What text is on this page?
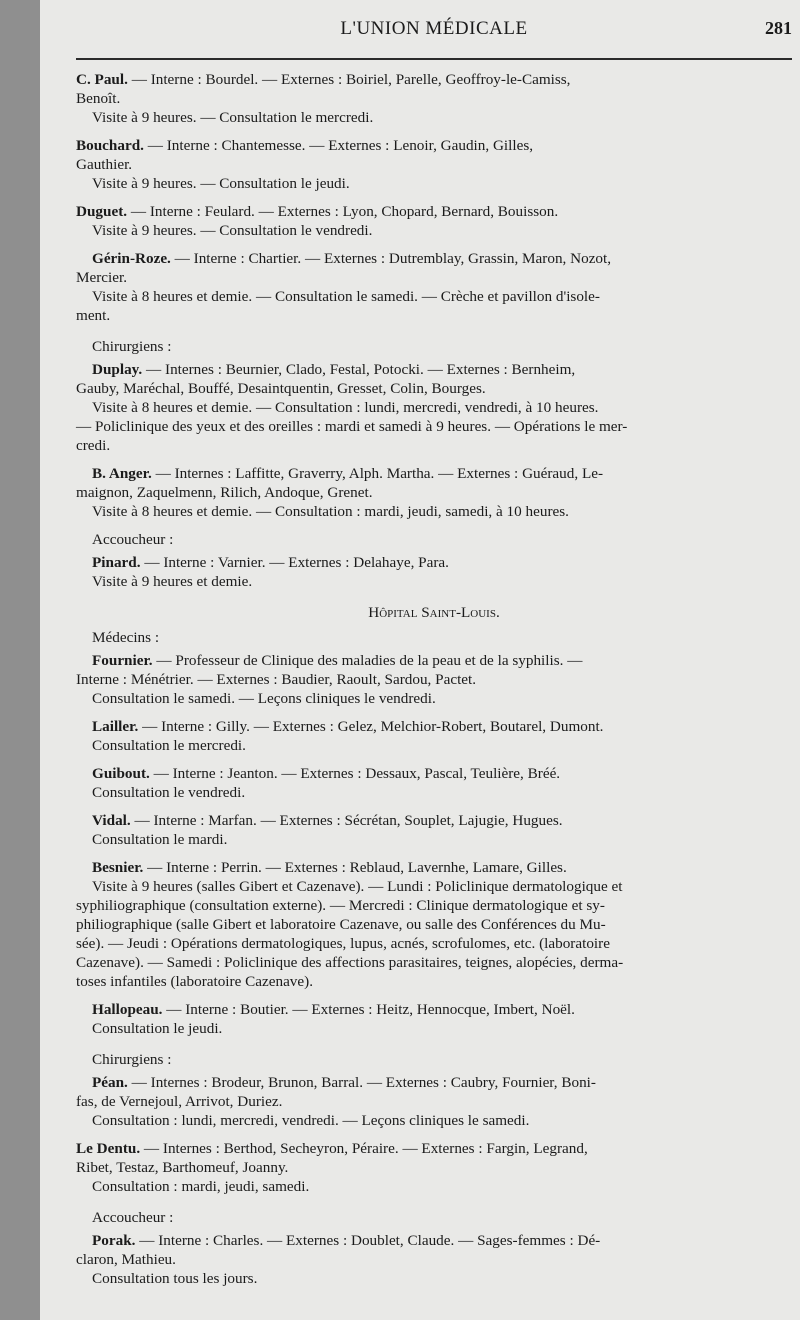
L'UNION MÉDICALE	281
C. Paul. — Interne : Bourdel. — Externes : Boiriel, Parelle, Geoffroy-le-Camiss,
Benoît.
Visite à 9 heures. — Consultation le mercredi.
Bouchard. — Interne : Chantemesse. — Externes : Lenoir, Gaudin, Gilles,
Gauthier.
Visite à 9 heures. — Consultation le jeudi.
Duguet. — Interne : Feulard. — Externes : Lyon, Chopard, Bernard, Bouisson.
Visite à 9 heures. — Consultation le vendredi.
Gérin-Roze. — Interne : Chartier. — Externes : Dutremblay, Grassin, Maron, Nozot,
Mercier.
Visite à 8 heures et demie. — Consultation le samedi. — Crèche et pavillon d'isole-
ment.
Chirurgiens :
Duplay. — Internes : Beurnier, Clado, Festal, Potocki. — Externes : Bernheim,
Gauby, Maréchal, Bouffé, Desaintquentin, Gresset, Colin, Bourges.
Visite à 8 heures et demie. — Consultation : lundi, mercredi, vendredi, à 10 heures.
— Policlinique des yeux et des oreilles : mardi et samedi à 9 heures. — Opérations le mer-
credi.
B. Anger. — Internes : Laffitte, Graverry, Alph. Martha. — Externes : Guéraud, Le-
maignon, Zaquelmenn, Rilich, Andoque, Grenet.
Visite à 8 heures et demie. — Consultation : mardi, jeudi, samedi, à 10 heures.
Accoucheur :
Pinard. — Interne : Varnier. — Externes : Delahaye, Para.
Visite à 9 heures et demie.
Hôpital Saint-Louis.
Médecins :
Fournier. — Professeur de Clinique des maladies de la peau et de la syphilis. —
Interne : Ménétrier. — Externes : Baudier, Raoult, Sardou, Pactet.
Consultation le samedi. — Leçons cliniques le vendredi.
Lailler. — Interne : Gilly. — Externes : Gelez, Melchior-Robert, Boutarel, Dumont.
Consultation le mercredi.
Guibout. — Interne : Jeanton. — Externes : Dessaux, Pascal, Teulière, Bréé.
Consultation le vendredi.
Vidal. — Interne : Marfan. — Externes : Sécrétan, Souplet, Lajugie, Hugues.
Consultation le mardi.
Besnier. — Interne : Perrin. — Externes : Reblaud, Lavernhe, Lamare, Gilles.
Visite à 9 heures (salles Gibert et Cazenave). — Lundi : Policlinique dermatologique et
syphiliographique (consultation externe). — Mercredi : Clinique dermatologique et sy-
philiographique (salle Gibert et laboratoire Cazenave, ou salle des Conférences du Mu-
sée). — Jeudi : Opérations dermatologiques, lupus, acnés, scrofulomes, etc. (laboratoire
Cazenave). — Samedi : Policlinique des affections parasitaires, teignes, alopécies, derma-
toses infantiles (laboratoire Cazenave).
Hallopeau. — Interne : Boutier. — Externes : Heitz, Hennocque, Imbert, Noël.
Consultation le jeudi.
Chirurgiens :
Péan. — Internes : Brodeur, Brunon, Barral. — Externes : Caubry, Fournier, Boni-
fas, de Vernejoul, Arrivot, Duriez.
Consultation : lundi, mercredi, vendredi. — Leçons cliniques le samedi.
Le Dentu. — Internes : Berthod, Secheyron, Péraire. — Externes : Fargin, Legrand,
Ribet, Testaz, Barthomeuf, Joanny.
Consultation : mardi, jeudi, samedi.
Accoucheur :
Porak. — Interne : Charles. — Externes : Doublet, Claude. — Sages-femmes : Dé-
claron, Mathieu.
Consultation tous les jours.
